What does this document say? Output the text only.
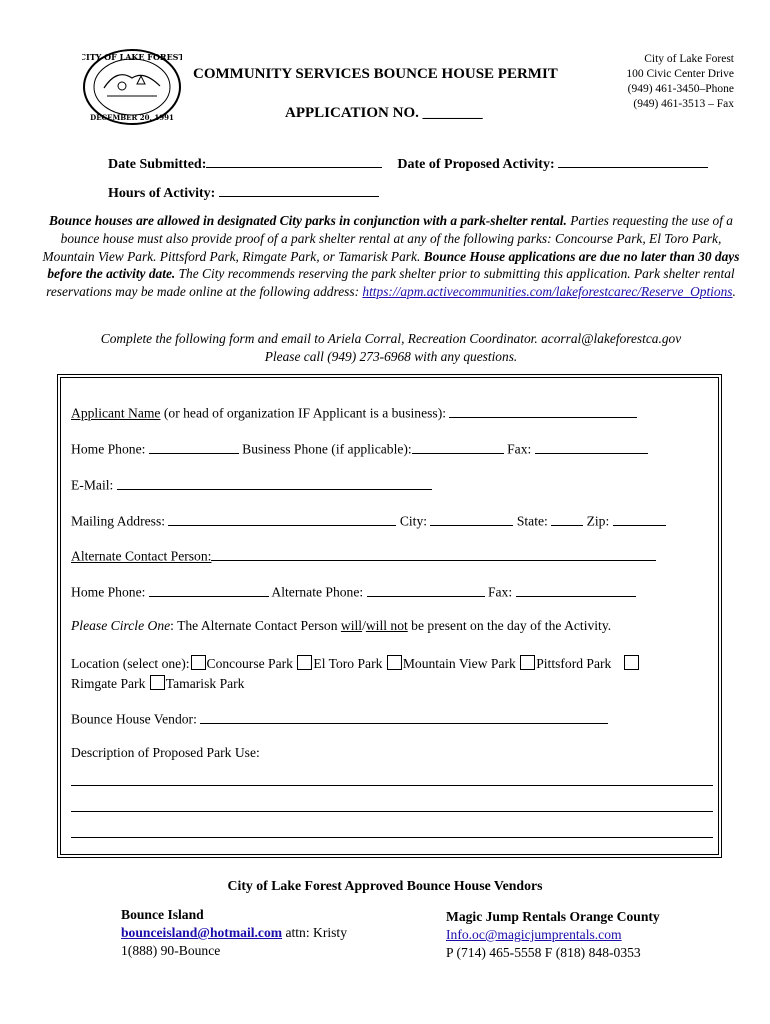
CITY OF LAKE FOREST
DECEMBER 20, 1991
COMMUNITY SERVICES BOUNCE HOUSE PERMIT
APPLICATION NO. ________
City of Lake Forest
100 Civic Center Drive
(949) 461-3450–Phone
(949) 461-3513 – Fax
Date Submitted:	Date of Proposed Activity:
Hours of Activity:
Bounce houses are allowed in designated City parks in conjunction with a park-shelter rental. Parties requesting the use of a bounce house must also provide proof of a park shelter rental at any of the following parks: Concourse Park, El Toro Park, Mountain View Park. Pittsford Park, Rimgate Park, or Tamarisk Park. Bounce House applications are due no later than 30 days before the activity date. The City recommends reserving the park shelter prior to submitting this application. Park shelter rental reservations may be made online at the following address: https://apm.activecommunities.com/lakeforestcarec/Reserve_Options.
Complete the following form and email to Ariela Corral, Recreation Coordinator. acorral@lakeforestca.gov
Please call (949) 273-6968 with any questions.
Applicant Name (or head of organization IF Applicant is a business):
Home Phone:	Business Phone (if applicable):	Fax:
E-Mail:
Mailing Address:	City:	State:  Zip:
Alternate Contact Person:
Home Phone:	Alternate Phone:	Fax:
Please Circle One: The Alternate Contact Person will/will not be present on the day of the Activity.
Location (select one): Concourse Park El Toro Park Mountain View Park Pittsford Park
Rimgate Park Tamarisk Park
Bounce House Vendor:
Description of Proposed Park Use:
City of Lake Forest Approved Bounce House Vendors
Bounce Island
bounceisland@hotmail.com attn: Kristy
1(888) 90-Bounce
Magic Jump Rentals Orange County
Info.oc@magicjumprentals.com
P (714) 465-5558 F (818) 848-0353
